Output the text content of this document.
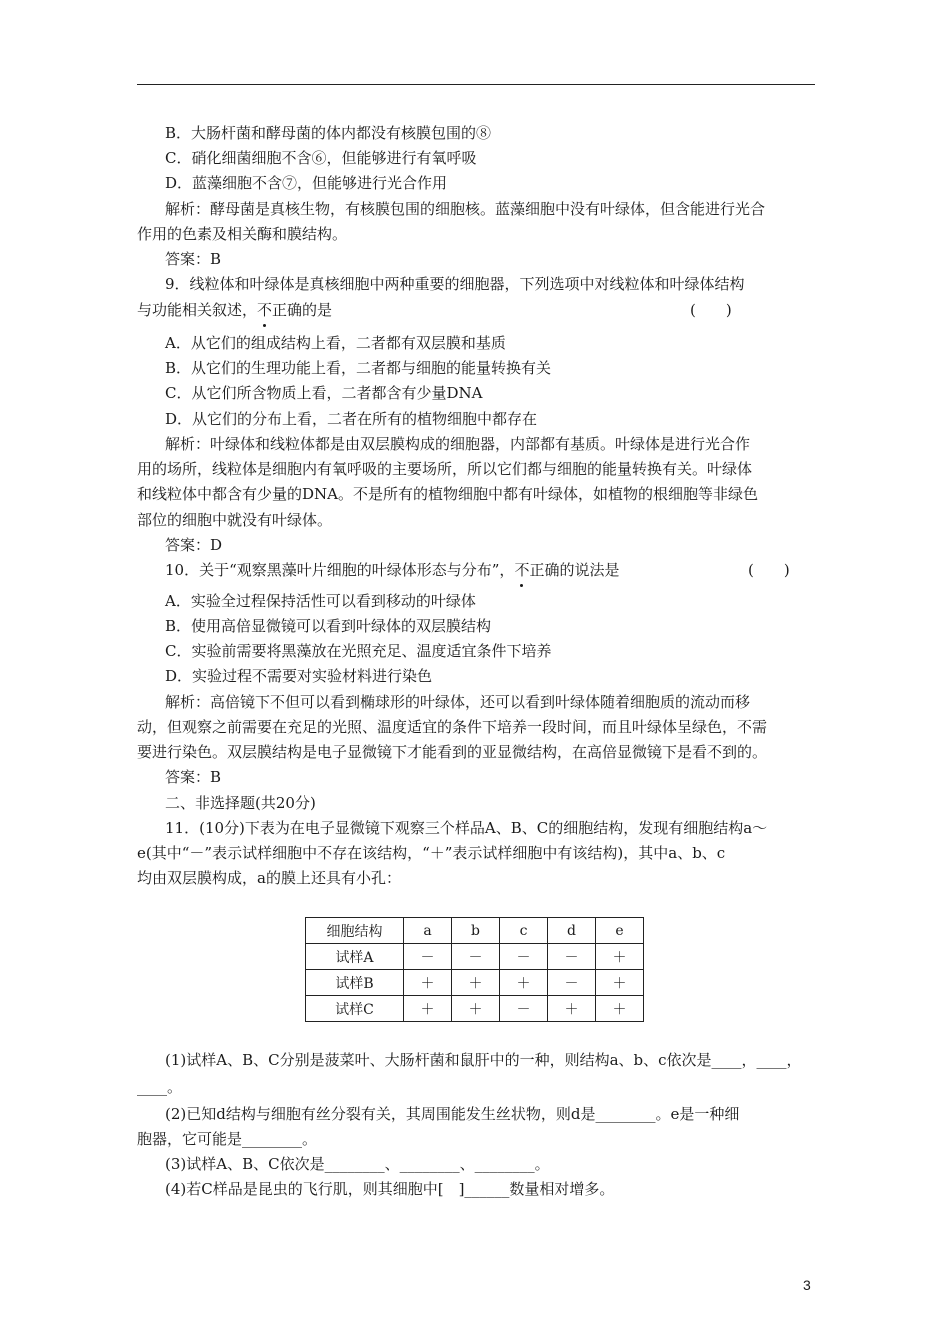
B．大肠杆菌和酵母菌的体内都没有核膜包围的⑧
C．硝化细菌细胞不含⑥，但能够进行有氧呼吸
D．蓝藻细胞不含⑦，但能够进行光合作用
解析：酵母菌是真核生物，有核膜包围的细胞核。蓝藻细胞中没有叶绿体，但含能进行光合
作用的色素及相关酶和膜结构。
答案：B
9．线粒体和叶绿体是真核细胞中两种重要的细胞器，下列选项中对线粒体和叶绿体结构
与功能相关叙述，不正确的是	(　　)
A．从它们的组成结构上看，二者都有双层膜和基质
B．从它们的生理功能上看，二者都与细胞的能量转换有关
C．从它们所含物质上看，二者都含有少量DNA
D．从它们的分布上看，二者在所有的植物细胞中都存在
解析：叶绿体和线粒体都是由双层膜构成的细胞器，内部都有基质。叶绿体是进行光合作
用的场所，线粒体是细胞内有氧呼吸的主要场所，所以它们都与细胞的能量转换有关。叶绿体
和线粒体中都含有少量的DNA。不是所有的植物细胞中都有叶绿体，如植物的根细胞等非绿色
部位的细胞中就没有叶绿体。
答案：D
10．关于“观察黑藻叶片细胞的叶绿体形态与分布”，不正确的说法是	(　　)
A．实验全过程保持活性可以看到移动的叶绿体
B．使用高倍显微镜可以看到叶绿体的双层膜结构
C．实验前需要将黑藻放在光照充足、温度适宜条件下培养
D．实验过程不需要对实验材料进行染色
解析：高倍镜下不但可以看到椭球形的叶绿体，还可以看到叶绿体随着细胞质的流动而移
动，但观察之前需要在充足的光照、温度适宜的条件下培养一段时间，而且叶绿体呈绿色，不需
要进行染色。双层膜结构是电子显微镜下才能看到的亚显微结构，在高倍显微镜下是看不到的。
答案：B
二、非选择题(共20分)
11．(10分)下表为在电子显微镜下观察三个样品A、B、C的细胞结构，发现有细胞结构a～
e(其中“－”表示试样细胞中不存在该结构，“＋”表示试样细胞中有该结构)，其中a、b、c
均由双层膜构成，a的膜上还具有小孔：
细胞结构	a	b	c	d	e
试样A	－	－	－	－	＋
试样B	＋	＋	＋	－	＋
试样C	＋	＋	－	＋	＋
(1)试样A、B、C分别是菠菜叶、大肠杆菌和鼠肝中的一种，则结构a、b、c依次是____，____，
____。
(2)已知d结构与细胞有丝分裂有关，其周围能发生丝状物，则d是________。e是一种细
胞器，它可能是________。
(3)试样A、B、C依次是________、________、________。
(4)若C样品是昆虫的飞行肌，则其细胞中[　]______数量相对增多。
3
